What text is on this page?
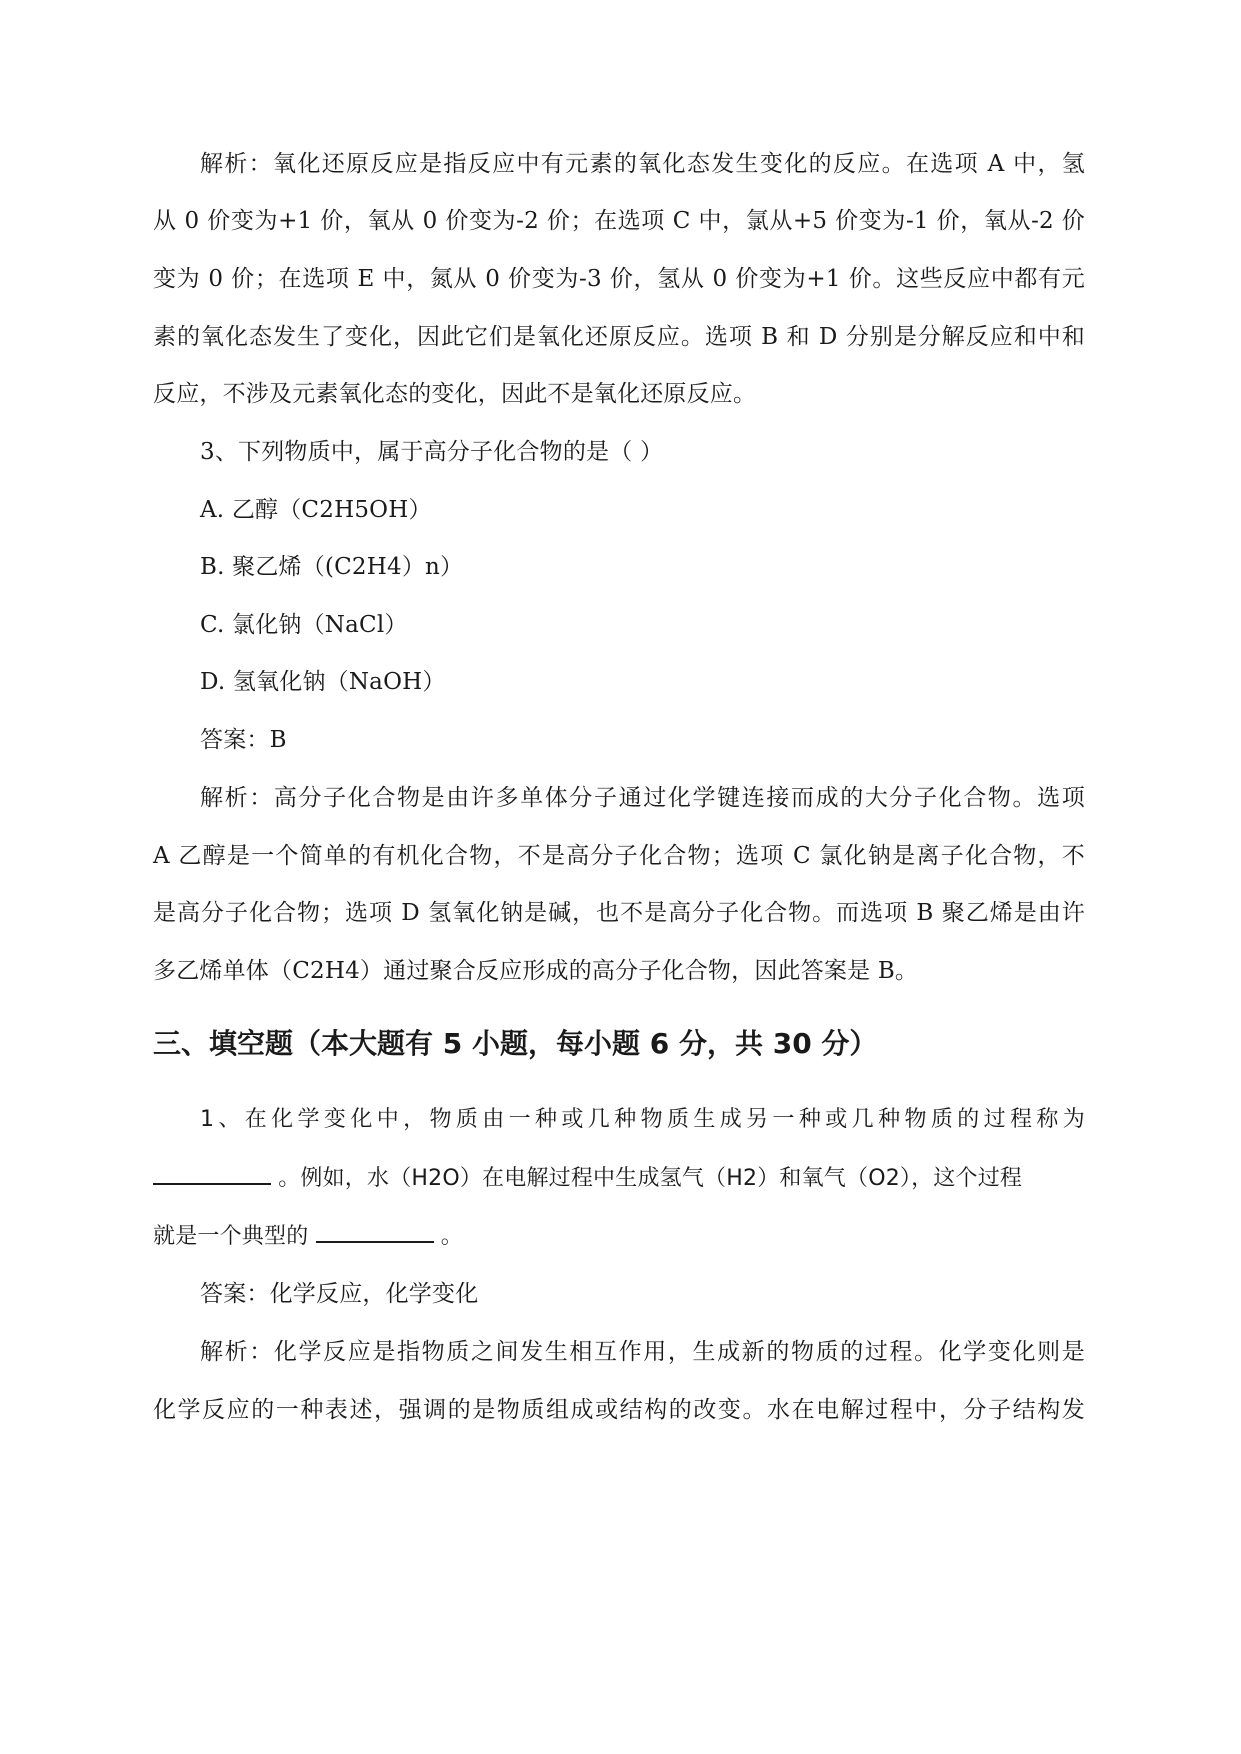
解析：氧化还原反应是指反应中有元素的氧化态发生变化的反应。在选项 A 中，氢
从 0 价变为+1 价，氧从 0 价变为-2 价；在选项 C 中，氯从+5 价变为-1 价，氧从-2 价
变为 0 价；在选项 E 中，氮从 0 价变为-3 价，氢从 0 价变为+1 价。这些反应中都有元
素的氧化态发生了变化，因此它们是氧化还原反应。选项 B 和 D 分别是分解反应和中和
反应，不涉及元素氧化态的变化，因此不是氧化还原反应。
3、下列物质中，属于高分子化合物的是（ ）
A. 乙醇（C2H5OH）
B. 聚乙烯（(C2H4）n）
C. 氯化钠（NaCl）
D. 氢氧化钠（NaOH）
答案：B
解析：高分子化合物是由许多单体分子通过化学键连接而成的大分子化合物。选项
A 乙醇是一个简单的有机化合物，不是高分子化合物；选项 C 氯化钠是离子化合物，不
是高分子化合物；选项 D 氢氧化钠是碱，也不是高分子化合物。而选项 B 聚乙烯是由许
多乙烯单体（C2H4）通过聚合反应形成的高分子化合物，因此答案是 B。
三、填空题（本大题有 5 小题，每小题 6 分，共 30 分）
1、在化学变化中，物质由一种或几种物质生成另一种或几种物质的过程称为
。例如，水（H2O）在电解过程中生成氢气（H2）和氧气（O2），这个过程
就是一个典型的	。
答案：化学反应，化学变化
解析：化学反应是指物质之间发生相互作用，生成新的物质的过程。化学变化则是
化学反应的一种表述，强调的是物质组成或结构的改变。水在电解过程中，分子结构发
